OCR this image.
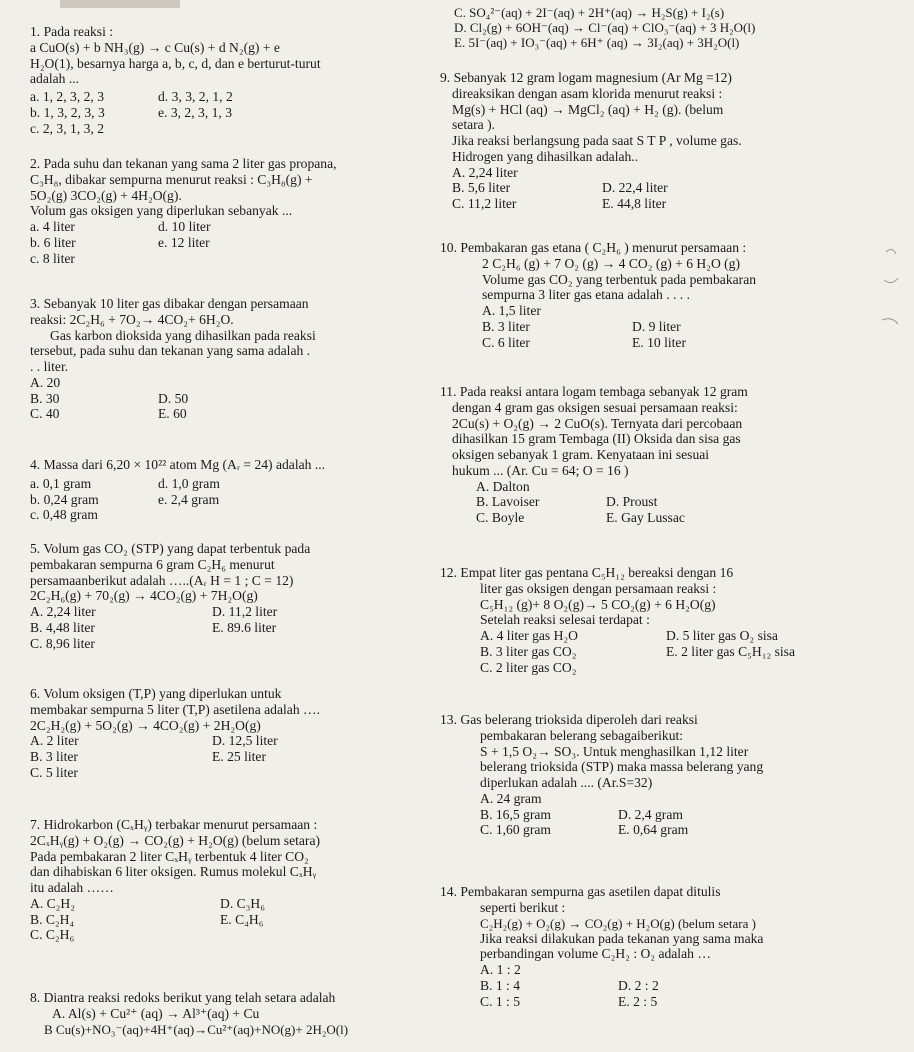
1. Pada reaksi :
a CuO(s) + b NH₃(g) → c Cu(s) + d N₂(g) + e
H₂O(1), besarnya harga a, b, c, d, dan e berturut-turut
adalah ...
a. 1, 2, 3, 2, 3	d. 3, 3, 2, 1, 2
b. 1, 3, 2, 3, 3	e. 3, 2, 3, 1, 3
c. 2, 3, 1, 3, 2
2. Pada suhu dan tekanan yang sama 2 liter gas propana,
C₃H₈, dibakar sempurna menurut reaksi : C₃H₈(g) +
5O₂(g) 3CO₂(g) + 4H₂O(g).
Volum gas oksigen yang diperlukan sebanyak ...
a. 4 liter	d. 10 liter
b. 6 liter	e. 12 liter
c. 8 liter
3. Sebanyak 10 liter gas dibakar dengan persamaan
reaksi: 2C₂H₆ + 7O₂→ 4CO₂+ 6H₂O.
Gas karbon dioksida yang dihasilkan pada reaksi
tersebut, pada suhu dan tekanan yang sama adalah .
. . liter.
A. 20
B. 30	D. 50
C. 40	E. 60
4. Massa dari 6,20 × 10²² atom Mg (Aᵣ = 24) adalah ...
a. 0,1 gram	d. 1,0 gram
b. 0,24 gram	e. 2,4 gram
c. 0,48 gram
5. Volum gas CO₂ (STP) yang dapat terbentuk pada
pembakaran sempurna 6 gram C₂H₆ menurut
persamaanberikut adalah …..(Aᵣ H = 1 ; C = 12)
2C₂H₆(g) + 70₂(g) → 4CO₂(g) + 7H₂O(g)
A. 2,24 liter	D. 11,2 liter
B. 4,48 liter	E. 89.6 liter
C. 8,96 liter
6. Volum oksigen (T,P) yang diperlukan untuk
membakar sempurna 5 liter (T,P) asetilena adalah ….
2C₂H₂(g) + 5O₂(g) → 4CO₂(g) + 2H₂O(g)
A. 2 liter	D. 12,5 liter
B. 3 liter	E. 25 liter
C. 5 liter
7. Hidrokarbon (CₓHᵧ) terbakar menurut persamaan :
2CₓHᵧ(g) + O₂(g) → CO₂(g) + H₂O(g) (belum setara)
Pada pembakaran 2 liter CₓHᵧ terbentuk 4 liter CO₂
dan dihabiskan 6 liter oksigen. Rumus molekul CₓHᵧ
itu adalah ……
A. C₂H₂	D. C₃H₆
B. C₂H₄	E. C₄H₆
C. C₂H₆
8. Diantra reaksi redoks berikut yang telah setara adalah
A. Al(s) + Cu²⁺ (aq) → Al³⁺(aq) + Cu
B Cu(s)+NO₃⁻(aq)+4H⁺(aq)→Cu²⁺(aq)+NO(g)+ 2H₂O(l)
C. SO₄²⁻(aq) + 2I⁻(aq) + 2H⁺(aq) → H₂S(g) + I₂(s)
D. Cl₂(g) + 6OH⁻(aq) → Cl⁻(aq) + ClO₃⁻(aq) + 3 H₂O(l)
E. 5I⁻(aq) + IO₃⁻(aq) + 6H⁺ (aq) → 3I₂(aq) + 3H₂O(l)
9. Sebanyak 12 gram logam magnesium (Ar Mg =12)
direaksikan dengan asam klorida menurut reaksi :
Mg(s) + HCl (aq) → MgCl₂ (aq) + H₂ (g). (belum
setara ).
Jika reaksi berlangsung pada saat S T P , volume gas.
Hidrogen yang dihasilkan adalah..
A. 2,24 liter
B. 5,6 liter	D. 22,4 liter
C. 11,2 liter	E. 44,8 liter
10. Pembakaran gas etana ( C₂H₆ ) menurut persamaan :
2 C₂H₆ (g) + 7 O₂ (g) → 4 CO₂ (g) + 6 H₂O (g)
Volume gas CO₂ yang terbentuk pada pembakaran
sempurna 3 liter gas etana adalah . . . .
A. 1,5 liter
B. 3 liter	D. 9 liter
C. 6 liter	E. 10 liter
11. Pada reaksi antara logam tembaga sebanyak 12 gram
dengan 4 gram gas oksigen sesuai persamaan reaksi:
2Cu(s) + O₂(g) → 2 CuO(s). Ternyata dari percobaan
dihasilkan 15 gram Tembaga (II) Oksida dan sisa gas
oksigen sebanyak 1 gram. Kenyataan ini sesuai
hukum ... (Ar. Cu = 64; O = 16 )
A. Dalton
B. Lavoiser	D. Proust
C. Boyle	E. Gay Lussac
12. Empat liter gas pentana C₅H₁₂ bereaksi dengan 16
liter gas oksigen dengan persamaan reaksi :
C₅H₁₂ (g)+ 8 O₂(g)→ 5 CO₂(g) + 6 H₂O(g)
Setelah reaksi selesai terdapat :
A. 4 liter gas H₂O	D. 5 liter gas O₂ sisa
B. 3 liter gas CO₂	E. 2 liter gas C₅H₁₂ sisa
C. 2 liter gas CO₂
13. Gas belerang trioksida diperoleh dari reaksi
pembakaran belerang sebagaiberikut:
S + 1,5 O₂→ SO₃. Untuk menghasilkan 1,12 liter
belerang trioksida (STP) maka massa belerang yang
diperlukan adalah .... (Ar.S=32)
A. 24 gram
B. 16,5 gram	D. 2,4 gram
C. 1,60 gram	E. 0,64 gram
14. Pembakaran sempurna gas asetilen dapat ditulis
seperti berikut :
C₂H₂(g) + O₂(g) → CO₂(g) + H₂O(g) (belum setara )
Jika reaksi dilakukan pada tekanan yang sama maka
perbandingan volume C₂H₂ : O₂ adalah …
A. 1 : 2
B. 1 : 4	D. 2 : 2
C. 1 : 5	E. 2 : 5
